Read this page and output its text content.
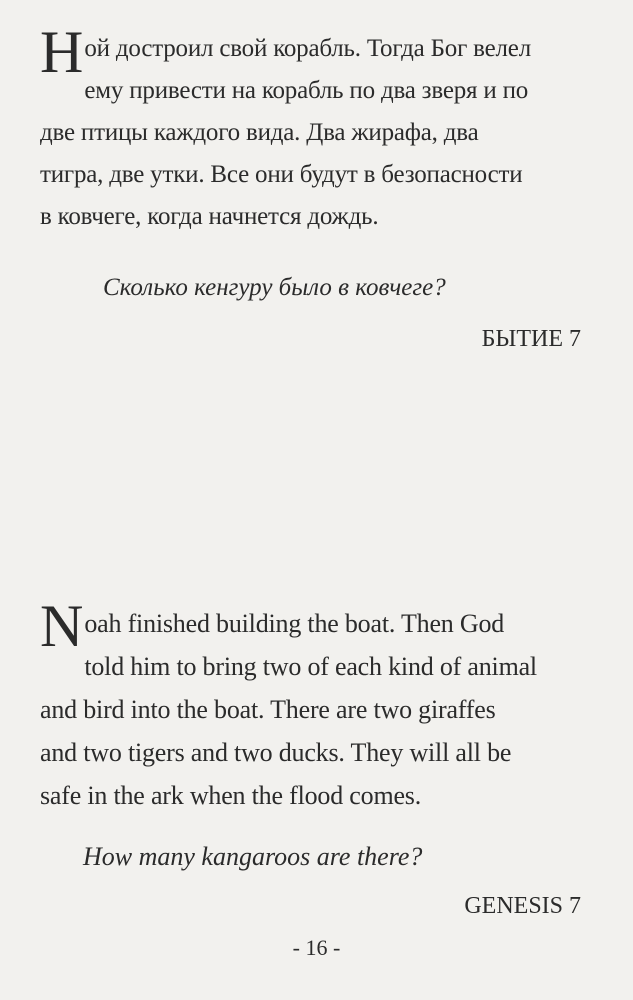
Н ой достроил свой корабль. Тогда Бог велел
ему привести на корабль по два зверя и по
две птицы каждого вида. Два жирафа, два
тигра, две утки. Все они будут в безопасности
в ковчеге, когда начнется дождь.
Сколько кенгуру было в ковчеге?
БЫТИЕ 7
N oah finished building the boat. Then God
told him to bring two of each kind of animal
and bird into the boat. There are two giraffes
and two tigers and two ducks. They will all be
safe in the ark when the flood comes.
How many kangaroos are there?
GENESIS 7
- 16 -
